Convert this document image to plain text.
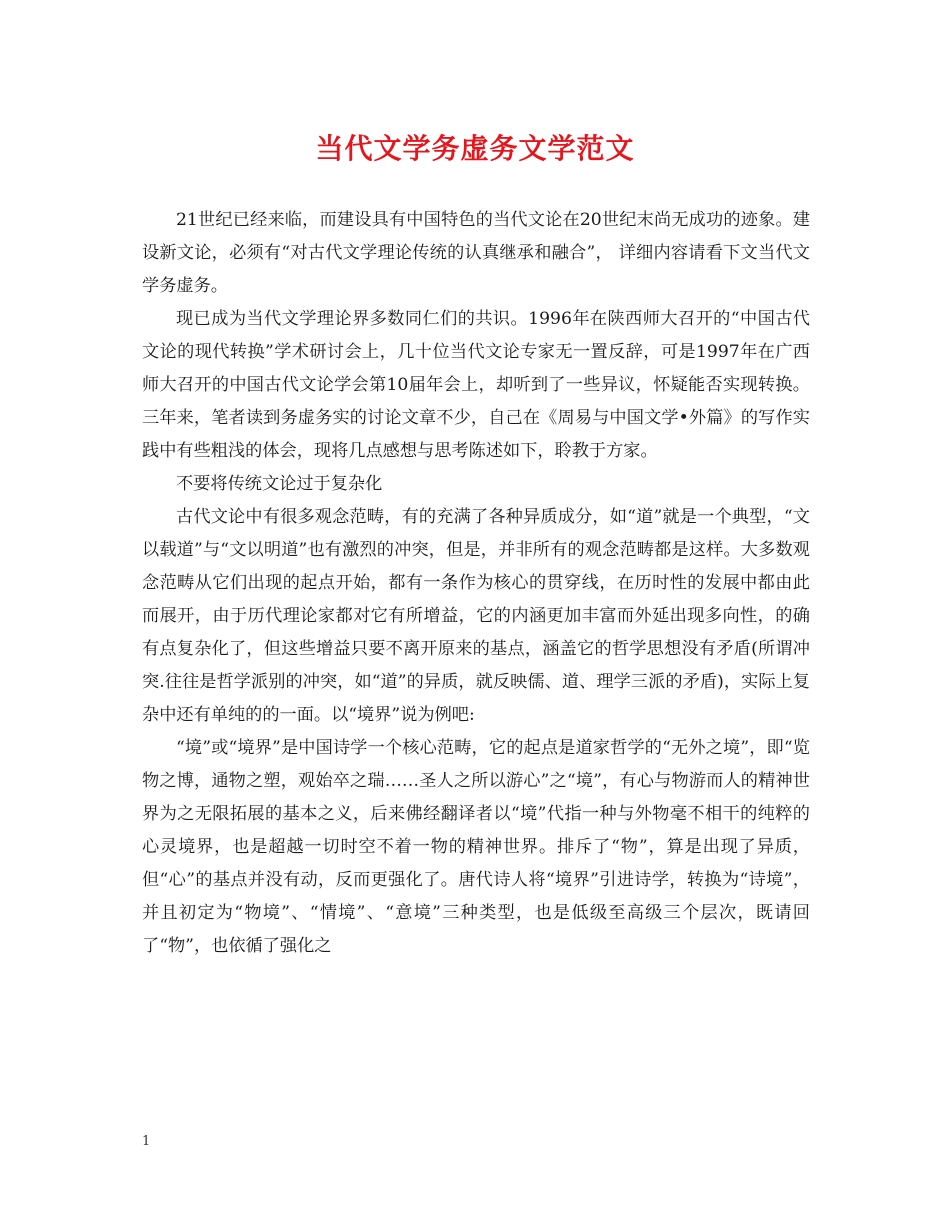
当代文学务虚务文学范文

21世纪已经来临，而建设具有中国特色的当代文论在20世纪末尚无成功的迹象。建设新文论，必须有“对古代文学理论传统的认真继承和融合”， 详细内容请看下文当代文学务虚务。

现已成为当代文学理论界多数同仁们的共识。1996年在陕西师大召开的“中国古代文论的现代转换”学术研讨会上，几十位当代文论专家无一置反辞，可是1997年在广西师大召开的中国古代文论学会第10届年会上，却听到了一些异议，怀疑能否实现转换。三年来，笔者读到务虚务实的讨论文章不少，自己在《周易与中国文学•外篇》的写作实践中有些粗浅的体会，现将几点感想与思考陈述如下，聆教于方家。

不要将传统文论过于复杂化

古代文论中有很多观念范畴，有的充满了各种异质成分，如“道”就是一个典型，“文以载道”与“文以明道”也有激烈的冲突，但是，并非所有的观念范畴都是这样。大多数观念范畴从它们出现的起点开始，都有一条作为核心的贯穿线，在历时性的发展中都由此而展开，由于历代理论家都对它有所增益，它的内涵更加丰富而外延出现多向性，的确有点复杂化了，但这些增益只要不离开原来的基点，涵盖它的哲学思想没有矛盾(所谓冲突.往往是哲学派别的冲突，如“道”的异质，就反映儒、道、理学三派的矛盾)，实际上复杂中还有单纯的的一面。以“境界”说为例吧:

“境”或“境界”是中国诗学一个核心范畴，它的起点是道家哲学的“无外之境”，即“览物之博，通物之塑，观始卒之瑞……圣人之所以游心”之“境”，有心与物游而人的精神世界为之无限拓展的基本之义，后来佛经翻译者以“境”代指一种与外物毫不相干的纯粹的心灵境界，也是超越一切时空不着一物的精神世界。排斥了“物”，算是出现了异质，但“心”的基点并没有动，反而更强化了。唐代诗人将“境界”引进诗学，转换为“诗境”，并且初定为“物境”、“情境”、“意境”三种类型，也是低级至高级三个层次，既请回了“物”，也依循了强化之

1
